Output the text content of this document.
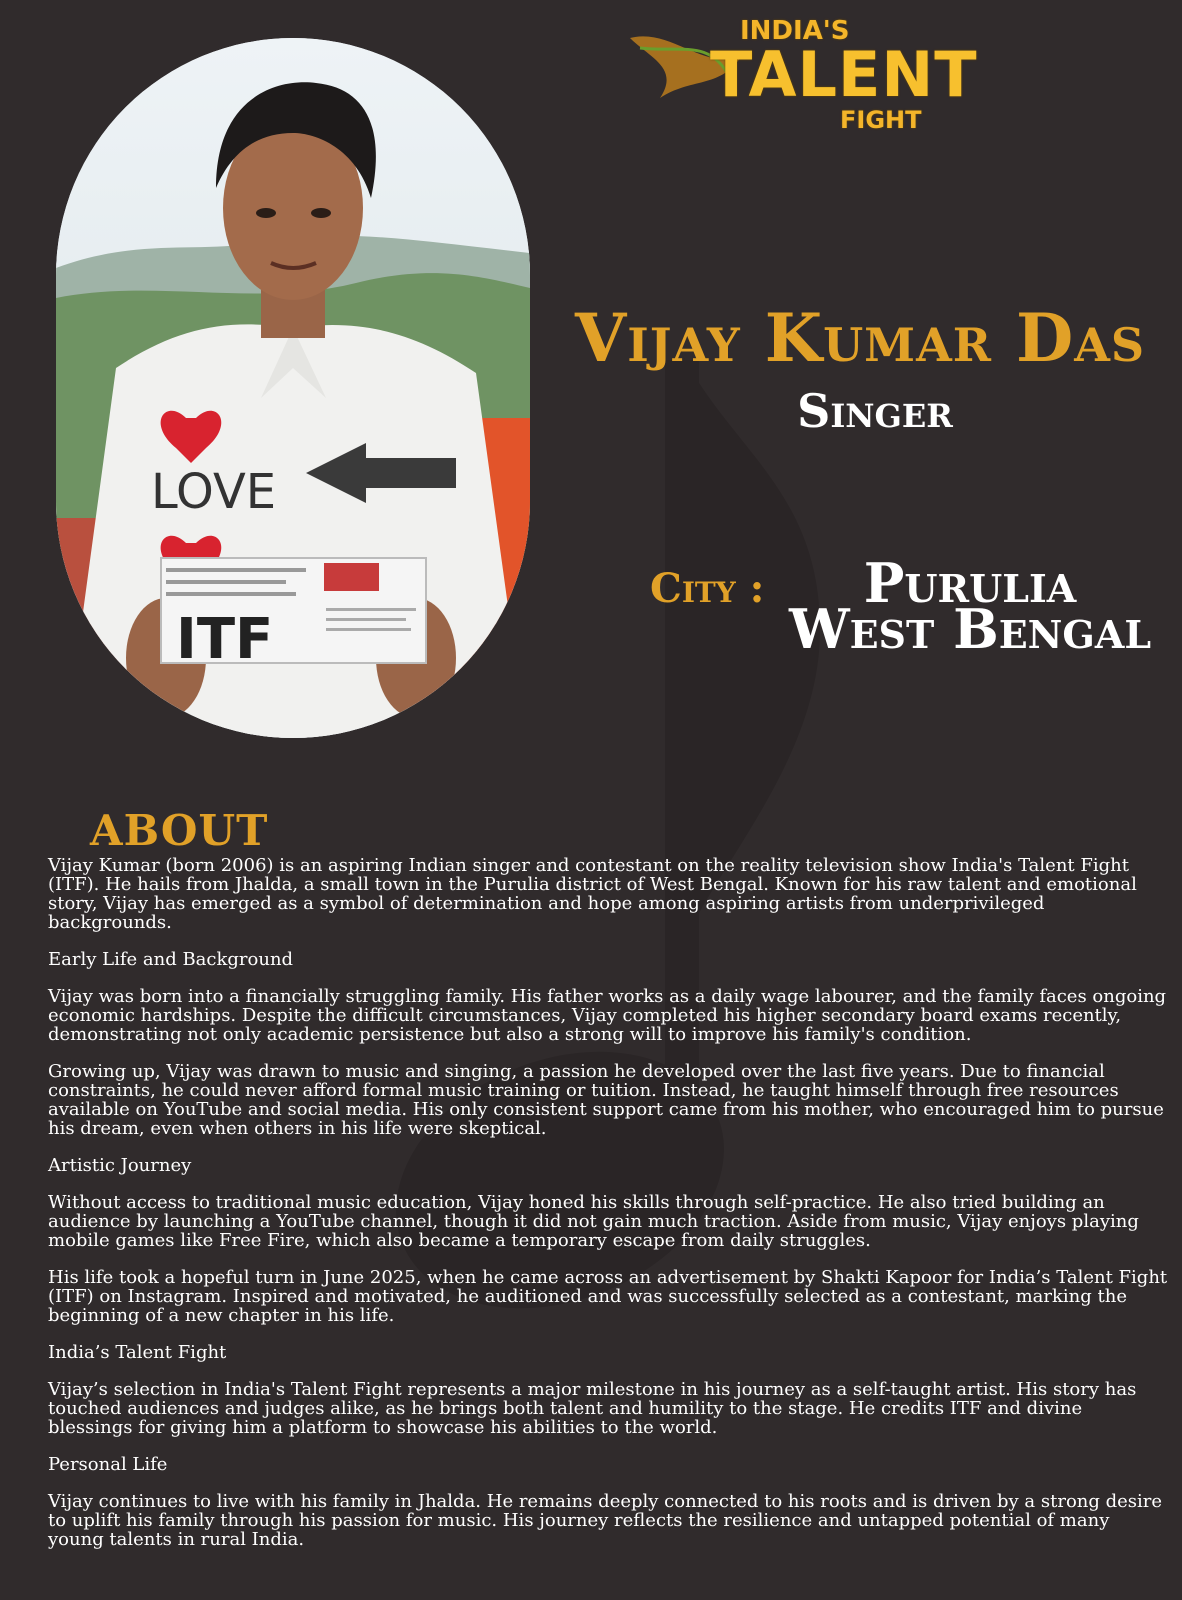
LOVE
ITF
INDIA'S
TALENT
FIGHT
Vijay Kumar Das
Singer
City :	Purulia
West Bengal
ABOUT

Vijay Kumar (born 2006) is an aspiring Indian singer and contestant on the reality television show India's Talent Fight (ITF). He hails from Jhalda, a small town in the Purulia district of West Bengal. Known for his raw talent and emotional story, Vijay has emerged as a symbol of determination and hope among aspiring artists from underprivileged backgrounds.

Early Life and Background

Vijay was born into a financially struggling family. His father works as a daily wage labourer, and the family faces ongoing economic hardships. Despite the difficult circumstances, Vijay completed his higher secondary board exams recently, demonstrating not only academic persistence but also a strong will to improve his family's condition.

Growing up, Vijay was drawn to music and singing, a passion he developed over the last five years. Due to financial constraints, he could never afford formal music training or tuition. Instead, he taught himself through free resources available on YouTube and social media. His only consistent support came from his mother, who encouraged him to pursue his dream, even when others in his life were skeptical.

Artistic Journey

Without access to traditional music education, Vijay honed his skills through self-practice. He also tried building an audience by launching a YouTube channel, though it did not gain much traction. Aside from music, Vijay enjoys playing mobile games like Free Fire, which also became a temporary escape from daily struggles.

His life took a hopeful turn in June 2025, when he came across an advertisement by Shakti Kapoor for India’s Talent Fight (ITF) on Instagram. Inspired and motivated, he auditioned and was successfully selected as a contestant, marking the beginning of a new chapter in his life.

India’s Talent Fight

Vijay’s selection in India's Talent Fight represents a major milestone in his journey as a self-taught artist. His story has touched audiences and judges alike, as he brings both talent and humility to the stage. He credits ITF and divine blessings for giving him a platform to showcase his abilities to the world.

Personal Life

Vijay continues to live with his family in Jhalda. He remains deeply connected to his roots and is driven by a strong desire to uplift his family through his passion for music. His journey reflects the resilience and untapped potential of many young talents in rural India.
